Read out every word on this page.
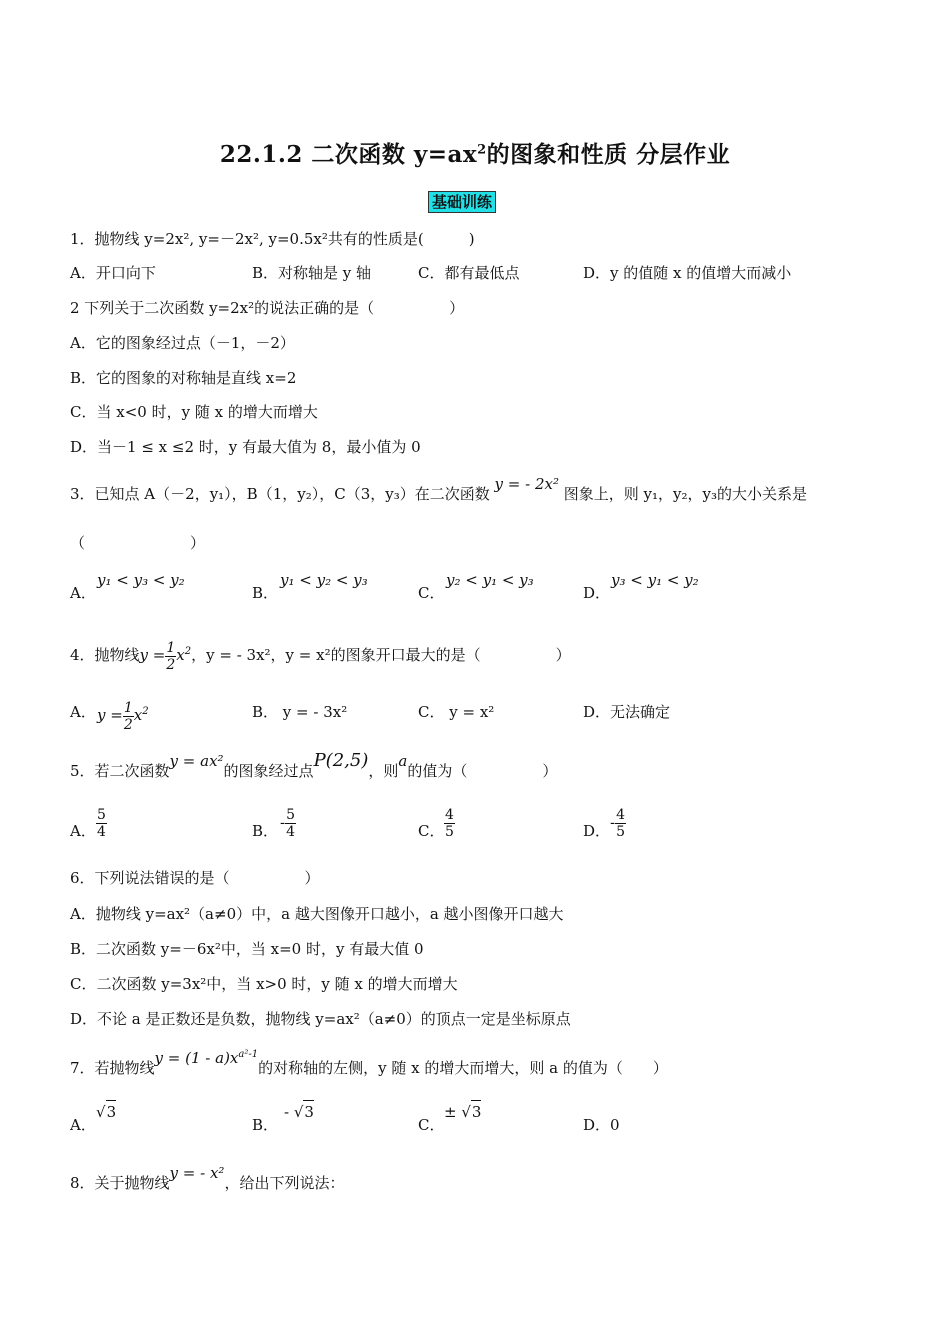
22.1.2 二次函数 $y=ax^2$的图象和性质 分层作业
基础训练
1．抛物线 y=2x², y=－2x², y=0.5x²共有的性质是(　　　)
A．开口向下	B．对称轴是 y 轴	C．都有最低点	D．y 的值随 x 的值增大而减小
2 下列关于二次函数 y=2x²的说法正确的是（　　　　　）
A．它的图象经过点（－1，－2）
B．它的图象的对称轴是直线 x=2
C．当 x<0 时，y 随 x 的增大而增大
D．当－1 ≤ x ≤2 时，y 有最大值为 8，最小值为 0
3．已知点 A（－2，y₁），B（1，y₂），C（3，y₃）在二次函数 y = - 2x² 图象上，则 y₁，y₂，y₃的大小关系是
（　　　　　　　）
A．
y₁ < y₃ < y₂
B．
y₁ < y₂ < y₃
C．
y₂ < y₁ < y₃
D．
y₃ < y₁ < y₂
4．抛物线$y = \frac{1}{2} x^2$，y = - 3x²，y = x²的图象开口最大的是（　　　　　）
A． $y = \frac{1}{2} x^2$	B． y = - 3x²	C． y = x²	D．无法确定
5．若二次函数y = ax²的图象经过点P(2,5)，则a的值为（　　　　　）
A． $\frac{5}{4}$	B． - $\frac{5}{4}$	C． $\frac{4}{5}$	D． - $\frac{4}{5}$
6．下列说法错误的是（　　　　　）
A．抛物线 y=ax²（a≠0）中，a 越大图像开口越小，a 越小图像开口越大
B．二次函数 y=－6x²中，当 x=0 时，y 有最大值 0
C．二次函数 y=3x²中，当 x>0 时，y 随 x 的增大而增大
D．不论 a 是正数还是负数，抛物线 y=ax²（a≠0）的顶点一定是坐标原点
7．若抛物线$y = (1 - a)x^{a^2-1}$的对称轴的左侧，y 随 x 的增大而增大，则 a 的值为（　　）
A．
√3
B．
- √3
C．
± √3
D．0
8．关于抛物线y = - x²，给出下列说法：
